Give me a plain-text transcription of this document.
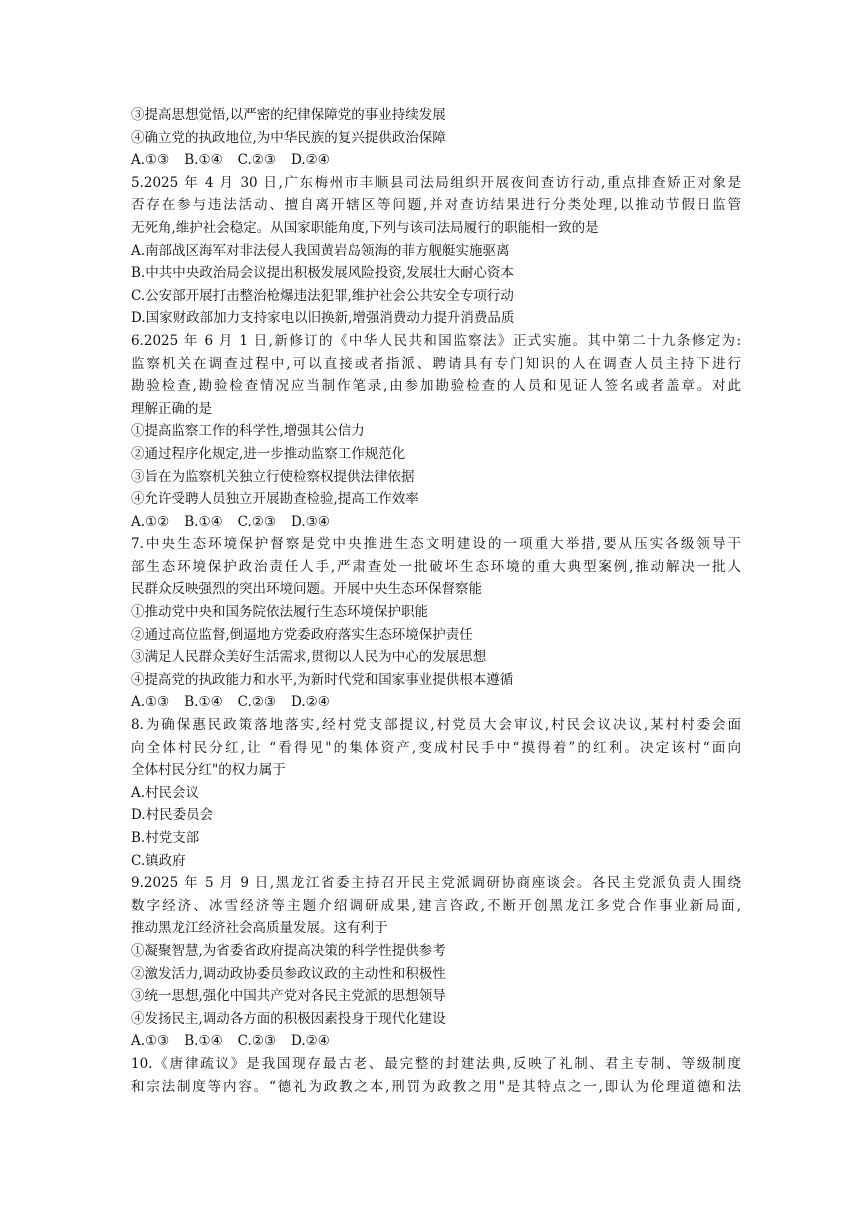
③提高思想觉悟,以严密的纪律保障党的事业持续发展
④确立党的执政地位,为中华民族的复兴提供政治保障
A.①③ B.①④ C.②③ D.②④
5.2025 年 4 月 30 日,广东梅州市丰顺县司法局组织开展夜间查访行动,重点排查矫正对象是
否存在参与违法活动、擅自离开辖区等问题,并对查访结果进行分类处理,以推动节假日监管
无死角,维护社会稳定。从国家职能角度,下列与该司法局履行的职能相一致的是
A.南部战区海军对非法侵人我国黄岩岛领海的菲方舰艇实施驱离
B.中共中央政治局会议提出积极发展风险投资,发展壮大耐心资本
C.公安部开展打击整治枪爆违法犯罪,维护社会公共安全专项行动
D.国家财政部加力支持家电以旧换新,增强消费动力提升消费品质
6.2025 年 6 月 1 日,新修订的《中华人民共和国监察法》正式实施。其中第二十九条修定为:
监察机关在调查过程中,可以直接或者指派、聘请具有专门知识的人在调查人员主持下进行
勘验检查,勘验检查情况应当制作笔录,由参加勘验检查的人员和见证人签名或者盖章。对此
理解正确的是
①提高监察工作的科学性,增强其公信力
②通过程序化规定,进一步推动监察工作规范化
③旨在为监察机关独立行使检察权提供法律依据
④允许受聘人员独立开展勘查检验,提高工作效率
A.①② B.①④ C.②③ D.③④
7.中央生态环境保护督察是党中央推进生态文明建设的一项重大举措,要从压实各级领导干
部生态环境保护政治责任人手,严肃查处一批破坏生态环境的重大典型案例,推动解决一批人
民群众反映强烈的突出环境问题。开展中央生态环保督察能
①推动党中央和国务院依法履行生态环境保护职能
②通过高位监督,倒逼地方党委政府落实生态环境保护责任
③满足人民群众美好生活需求,贯彻以人民为中心的发展思想
④提高党的执政能力和水平,为新时代党和国家事业提供根本遵循
A.①③ B.①④ C.②③ D.②④
8.为确保惠民政策落地落实,经村党支部提议,村党员大会审议,村民会议决议,某村村委会面
向全体村民分红,让 “看得见"的集体资产,变成村民手中“摸得着”的红利。决定该村“面向
全体村民分红"的权力属于
A.村民会议
D.村民委员会
B.村党支部
C.镇政府
9.2025 年 5 月 9 日,黑龙江省委主持召开民主党派调研协商座谈会。各民主党派负责人围绕
数字经济、冰雪经济等主题介绍调研成果,建言咨政,不断开创黑龙江多党合作事业新局面,
推动黑龙江经济社会高质量发展。这有利于
①凝聚智慧,为省委省政府提高决策的科学性提供参考
②激发活力,调动政协委员参政议政的主动性和积极性
③统一思想,强化中国共产党对各民主党派的思想领导
④发扬民主,调动各方面的积极因素投身于现代化建设
A.①③ B.①④ C.②③ D.②④
10.《唐律疏议》是我国现存最古老、最完整的封建法典,反映了礼制、君主专制、等级制度
和宗法制度等内容。“德礼为政教之本,刑罚为政教之用"是其特点之一,即认为伦理道德和法
